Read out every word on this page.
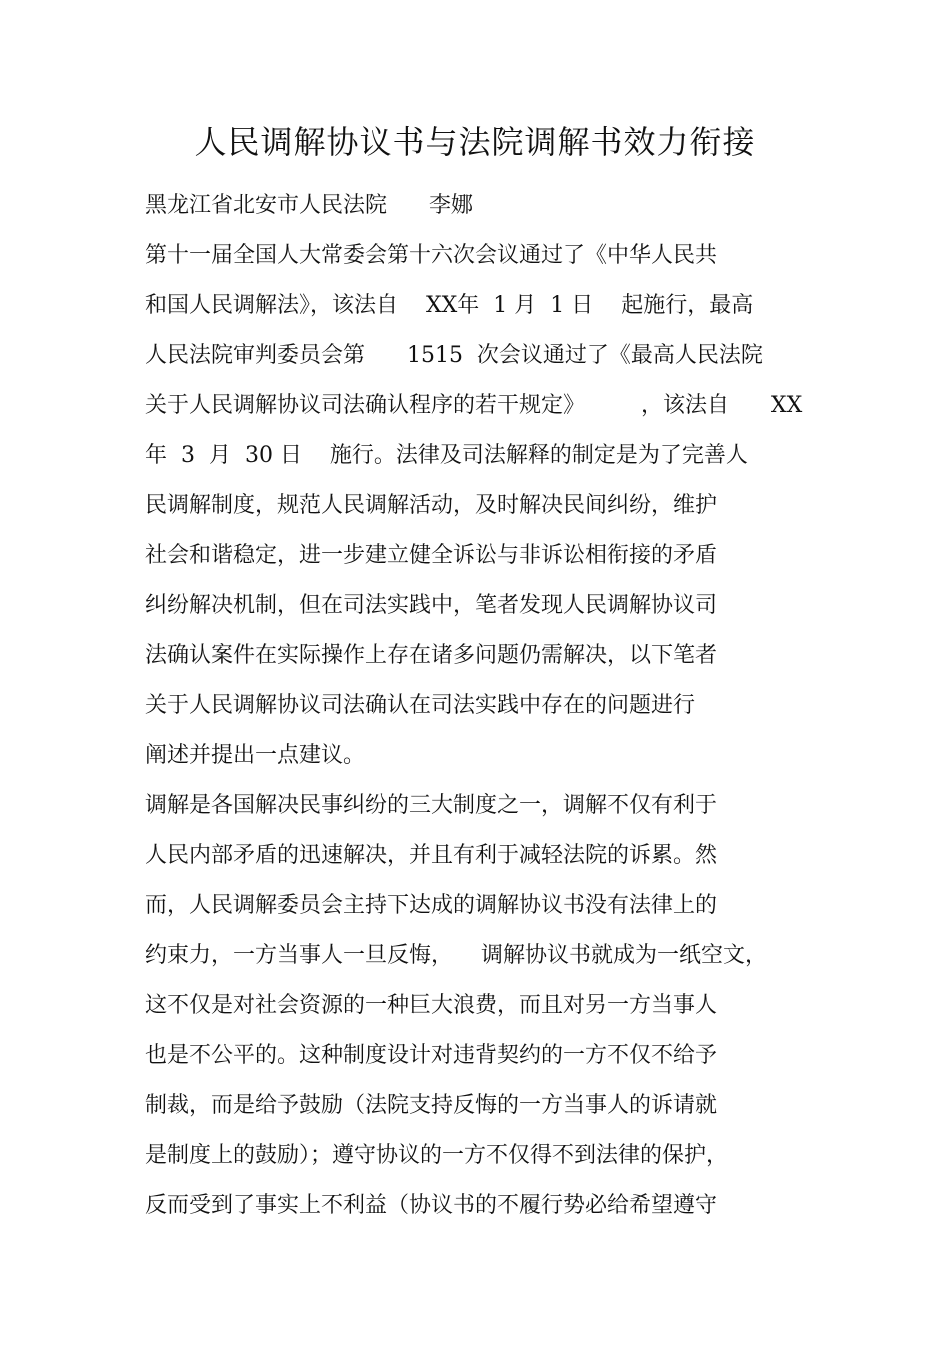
人民调解协议书与法院调解书效力衔接
黑龙江省北安市人民法院      李娜
第十一届全国人大常委会第十六次会议通过了《中华人民共
和国人民调解法》，该法自    XX年  1 月  1 日    起施行，最高
人民法院审判委员会第      1515  次会议通过了《最高人民法院
关于人民调解协议司法确认程序的若干规定》        ，该法自      XX
年  3  月  30 日    施行。法律及司法解释的制定是为了完善人
民调解制度，规范人民调解活动，及时解决民间纠纷，维护
社会和谐稳定，进一步建立健全诉讼与非诉讼相衔接的矛盾
纠纷解决机制，但在司法实践中，笔者发现人民调解协议司
法确认案件在实际操作上存在诸多问题仍需解决，以下笔者
关于人民调解协议司法确认在司法实践中存在的问题进行
阐述并提出一点建议。
调解是各国解决民事纠纷的三大制度之一，调解不仅有利于
人民内部矛盾的迅速解决，并且有利于减轻法院的诉累。然
而，人民调解委员会主持下达成的调解协议书没有法律上的
约束力，一方当事人一旦反悔，    调解协议书就成为一纸空文，
这不仅是对社会资源的一种巨大浪费，而且对另一方当事人
也是不公平的。这种制度设计对违背契约的一方不仅不给予
制裁，而是给予鼓励（法院支持反悔的一方当事人的诉请就
是制度上的鼓励）；遵守协议的一方不仅得不到法律的保护，
反而受到了事实上不利益（协议书的不履行势必给希望遵守
